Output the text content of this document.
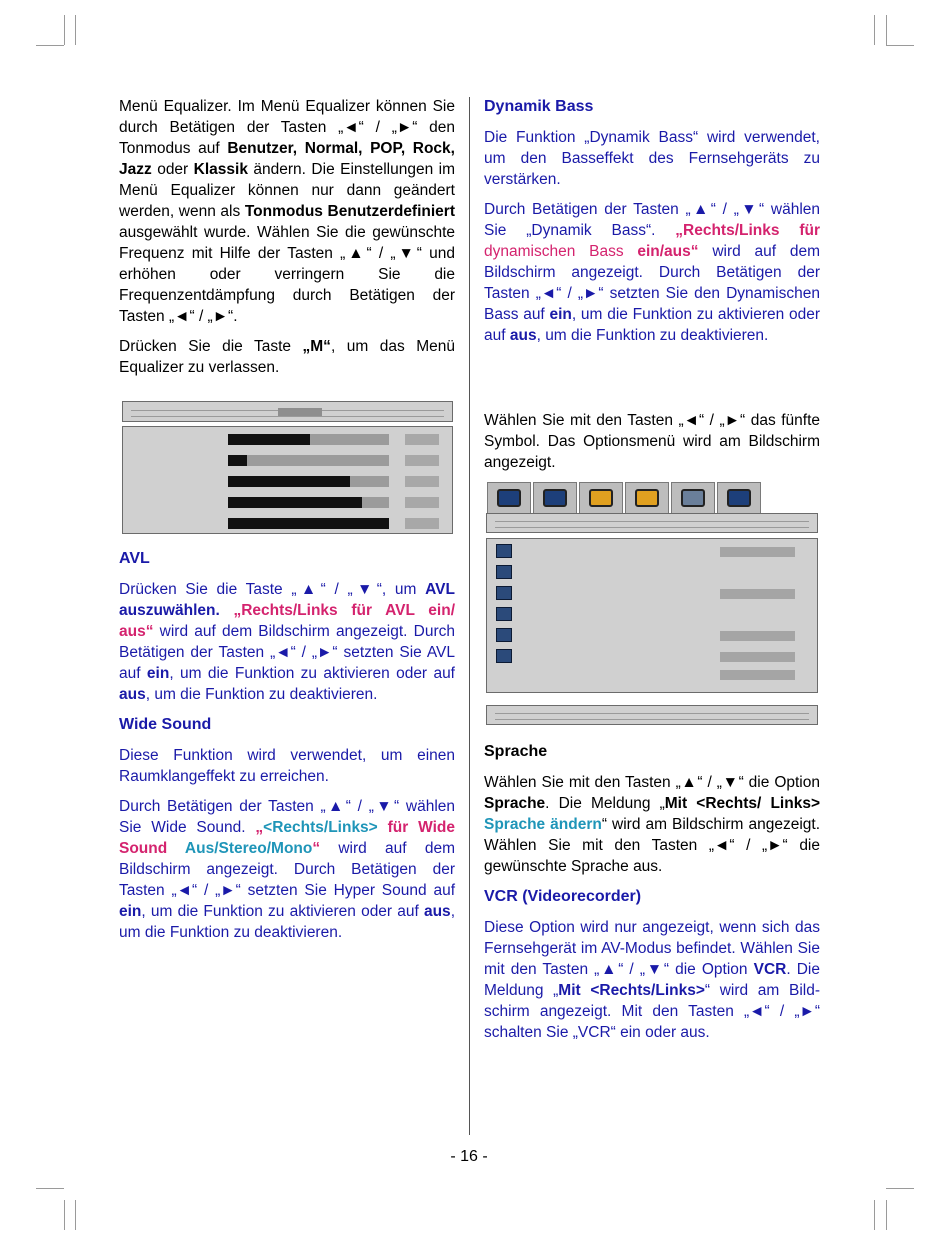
Menü Equalizer. Im Menü Equalizer können Sie durch Betätigen der Tasten „◄“ / „►“ den Tonmodus auf Benutzer, Normal, POP, Rock, Jazz oder Klassik ändern. Die Einstellungen im Menü Equalizer können nur dann geändert werden, wenn als Tonmodus Benutzerdefiniert ausgewählt wurde. Wählen Sie die gewünschte Frequenz mit Hilfe der Tasten „▲“ / „▼“ und erhöhen oder verringern Sie die Frequenzentdämpfung durch Betätigen der Tasten „◄“ / „►“.

Drücken Sie die Taste „M“, um das Menü Equalizer zu verlassen.

AVL

Drücken Sie die Taste „▲“ / „▼“, um AVL auszuwählen. „Rechts/Links für AVL ein/ aus“ wird auf dem Bildschirm angezeigt. Durch Betätigen der Tasten „◄“ / „►“ setzten Sie AVL auf ein, um die Funktion zu aktivieren oder auf aus, um die Funktion zu deaktivieren.

Wide Sound

Diese Funktion wird verwendet, um einen Raumklangeffekt zu erreichen.

Durch Betätigen der Tasten „▲“ / „▼“ wählen Sie Wide Sound. „<Rechts/Links> für Wide Sound Aus/Stereo/Mono“ wird auf dem Bildschirm angezeigt. Durch Betätigen der Tasten „◄“ / „►“ setzten Sie Hyper Sound auf ein, um die Funktion zu aktivieren oder auf aus, um die Funktion zu deaktivieren.

Dynamik Bass

Die Funktion „Dynamik Bass“ wird verwendet, um den Basseffekt des Fernsehgeräts zu verstärken.

Durch Betätigen der Tasten „▲“ / „▼“ wählen Sie „Dynamik Bass“. „Rechts/Links für dynamischen Bass ein/aus“ wird auf dem Bildschirm angezeigt. Durch Betätigen der Tasten „◄“ / „►“ setzten Sie den Dynamischen Bass auf ein, um die Funktion zu aktivieren oder auf aus, um die Funktion zu deaktivieren.

Wählen Sie mit den Tasten „◄“ / „►“ das fünfte Symbol. Das Optionsmenü wird am Bildschirm angezeigt.

Sprache

Wählen Sie mit den Tasten „▲“ / „▼“ die Option Sprache. Die Meldung „Mit <Rechts/ Links> Sprache ändern“ wird am Bildschirm angezeigt. Wählen Sie mit den Tasten „◄“ / „►“ die gewünschte Sprache aus.

VCR (Videorecorder)

Diese Option wird nur angezeigt, wenn sich das Fernsehgerät im AV-Modus befindet. Wählen Sie mit den Tasten „▲“ / „▼“ die Option VCR. Die Meldung „Mit <Rechts/Links>“ wird am Bild-schirm angezeigt. Mit den Tasten „◄“ / „►“ schalten Sie „VCR“ ein oder aus.

- 16 -
